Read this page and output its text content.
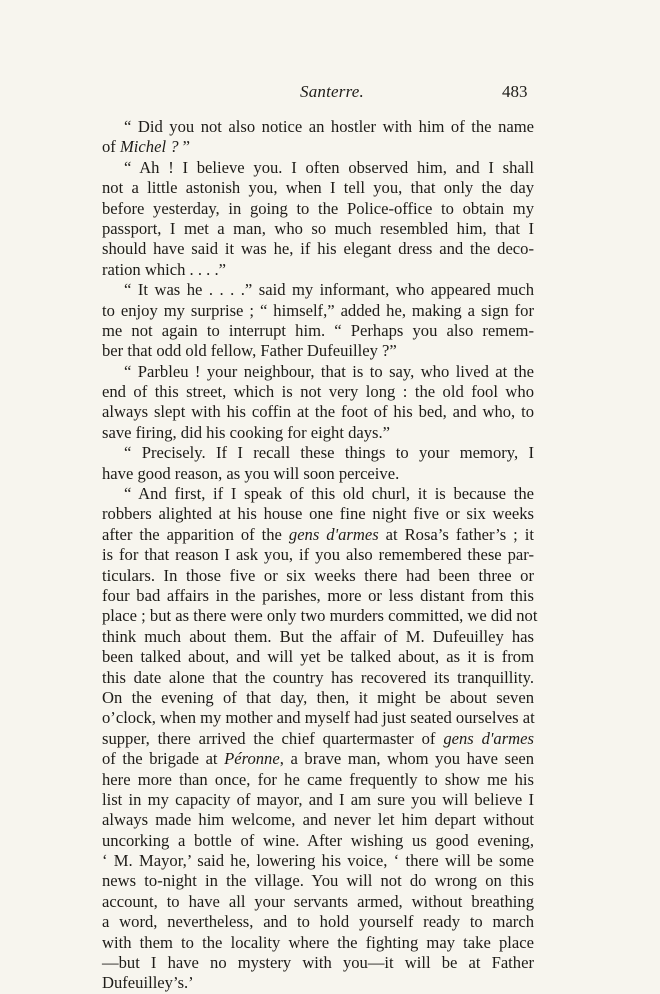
Santerre.	483
“ Did you not also notice an hostler with him of the name
of Michel ? ”
“ Ah ! I believe you. I often observed him, and I shall
not a little astonish you, when I tell you, that only the day
before yesterday, in going to the Police-office to obtain my
passport, I met a man, who so much resembled him, that I
should have said it was he, if his elegant dress and the deco-
ration which . . . .”
“ It was he . . . .” said my informant, who appeared much
to enjoy my surprise ; “ himself,” added he, making a sign for
me not again to interrupt him. “ Perhaps you also remem-
ber that odd old fellow, Father Dufeuilley ?”
“ Parbleu ! your neighbour, that is to say, who lived at the
end of this street, which is not very long : the old fool who
always slept with his coffin at the foot of his bed, and who, to
save firing, did his cooking for eight days.”
“ Precisely. If I recall these things to your memory, I
have good reason, as you will soon perceive.
“ And first, if I speak of this old churl, it is because the
robbers alighted at his house one fine night five or six weeks
after the apparition of the gens d'armes at Rosa’s father’s ; it
is for that reason I ask you, if you also remembered these par-
ticulars. In those five or six weeks there had been three or
four bad affairs in the parishes, more or less distant from this
place ; but as there were only two murders committed, we did not
think much about them. But the affair of M. Dufeuilley has
been talked about, and will yet be talked about, as it is from
this date alone that the country has recovered its tranquillity.
On the evening of that day, then, it might be about seven
o’clock, when my mother and myself had just seated ourselves at
supper, there arrived the chief quartermaster of gens d'armes
of the brigade at Péronne, a brave man, whom you have seen
here more than once, for he came frequently to show me his
list in my capacity of mayor, and I am sure you will believe I
always made him welcome, and never let him depart without
uncorking a bottle of wine. After wishing us good evening,
‘ M. Mayor,’ said he, lowering his voice, ‘ there will be some
news to-night in the village. You will not do wrong on this
account, to have all your servants armed, without breathing
a word, nevertheless, and to hold yourself ready to march
with them to the locality where the fighting may take place
—but I have no mystery with you—it will be at Father
Dufeuilley’s.’
